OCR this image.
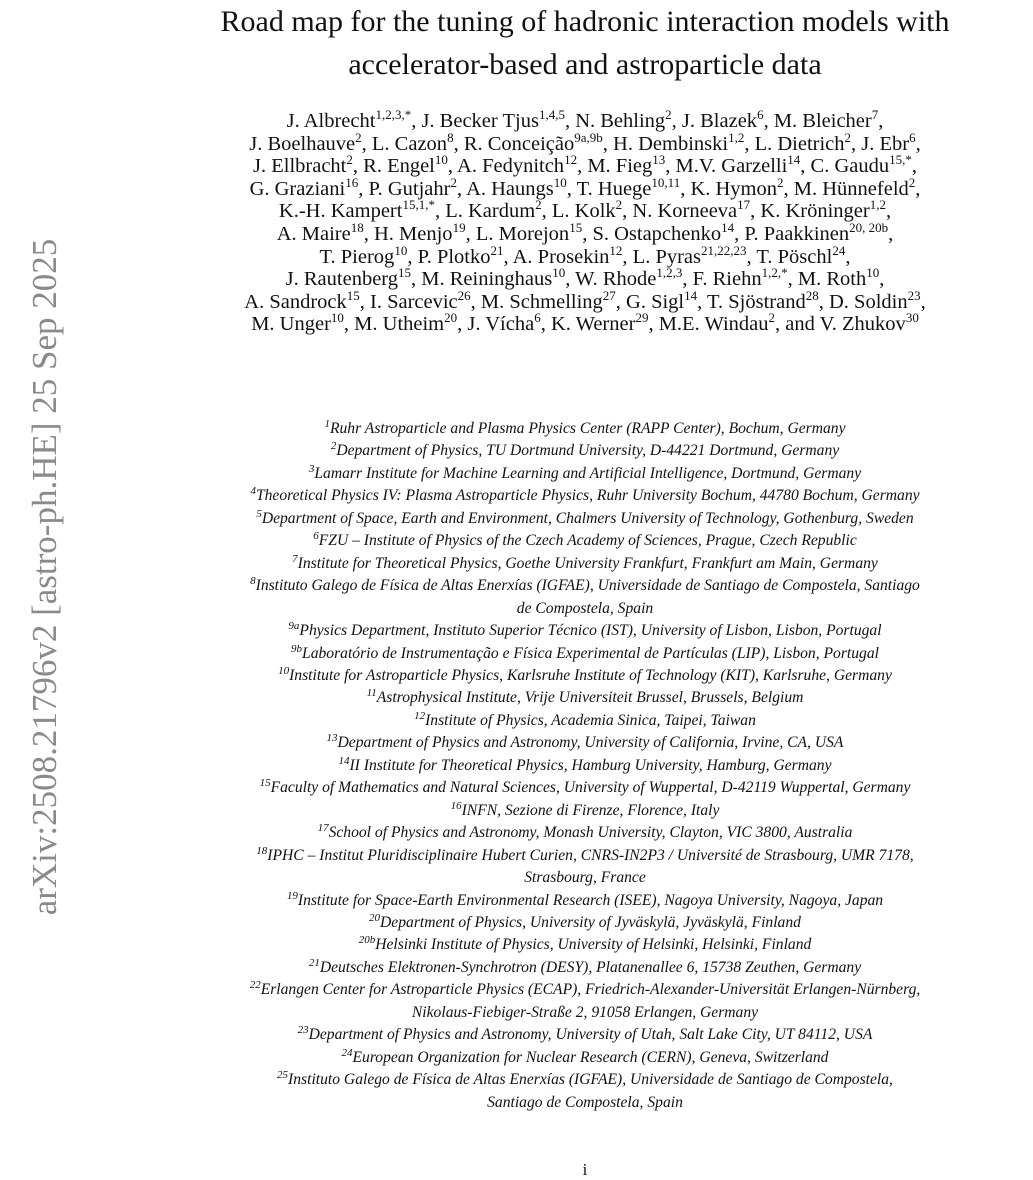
arXiv:2508.21796v2 [astro-ph.HE] 25 Sep 2025
Road map for the tuning of hadronic interaction models with
accelerator-based and astroparticle data
J. Albrecht$^{1,2,3,*}$, J. Becker Tjus$^{1,4,5}$, N. Behling$^2$, J. Blazek$^6$, M. Bleicher$^7$,
J. Boelhauve$^2$, L. Cazon$^8$, R. Conceição$^{9a,9b}$, H. Dembinski$^{1,2}$, L. Dietrich$^2$, J. Ebr$^6$,
J. Ellbracht$^2$, R. Engel$^{10}$, A. Fedynitch$^{12}$, M. Fieg$^{13}$, M.V. Garzelli$^{14}$, C. Gaudu$^{15,*}$,
G. Graziani$^{16}$, P. Gutjahr$^2$, A. Haungs$^{10}$, T. Huege$^{10,11}$, K. Hymon$^2$, M. Hünnefeld$^2$,
K.-H. Kampert$^{15,1,*}$, L. Kardum$^2$, L. Kolk$^2$, N. Korneeva$^{17}$, K. Kröninger$^{1,2}$,
A. Maire$^{18}$, H. Menjo$^{19}$, L. Morejon$^{15}$, S. Ostapchenko$^{14}$, P. Paakkinen$^{20, 20b}$,
T. Pierog$^{10}$, P. Plotko$^{21}$, A. Prosekin$^{12}$, L. Pyras$^{21,22,23}$, T. Pöschl$^{24}$,
J. Rautenberg$^{15}$, M. Reininghaus$^{10}$, W. Rhode$^{1,2,3}$, F. Riehn$^{1,2,*}$, M. Roth$^{10}$,
A. Sandrock$^{15}$, I. Sarcevic$^{26}$, M. Schmelling$^{27}$, G. Sigl$^{14}$, T. Sjöstrand$^{28}$, D. Soldin$^{23}$,
M. Unger$^{10}$, M. Utheim$^{20}$, J. Vícha$^6$, K. Werner$^{29}$, M.E. Windau$^2$, and V. Zhukov$^{30}$
$^1$Ruhr Astroparticle and Plasma Physics Center (RAPP Center), Bochum, Germany
$^2$Department of Physics, TU Dortmund University, D-44221 Dortmund, Germany
$^3$Lamarr Institute for Machine Learning and Artificial Intelligence, Dortmund, Germany
$^4$Theoretical Physics IV: Plasma Astroparticle Physics, Ruhr University Bochum, 44780 Bochum, Germany
$^5$Department of Space, Earth and Environment, Chalmers University of Technology, Gothenburg, Sweden
$^6$FZU – Institute of Physics of the Czech Academy of Sciences, Prague, Czech Republic
$^7$Institute for Theoretical Physics, Goethe University Frankfurt, Frankfurt am Main, Germany
$^8$Instituto Galego de Física de Altas Enerxías (IGFAE), Universidade de Santiago de Compostela, Santiago
de Compostela, Spain
$^{9a}$Physics Department, Instituto Superior Técnico (IST), University of Lisbon, Lisbon, Portugal
$^{9b}$Laboratório de Instrumentação e Física Experimental de Partículas (LIP), Lisbon, Portugal
$^{10}$Institute for Astroparticle Physics, Karlsruhe Institute of Technology (KIT), Karlsruhe, Germany
$^{11}$Astrophysical Institute, Vrije Universiteit Brussel, Brussels, Belgium
$^{12}$Institute of Physics, Academia Sinica, Taipei, Taiwan
$^{13}$Department of Physics and Astronomy, University of California, Irvine, CA, USA
$^{14}$II Institute for Theoretical Physics, Hamburg University, Hamburg, Germany
$^{15}$Faculty of Mathematics and Natural Sciences, University of Wuppertal, D-42119 Wuppertal, Germany
$^{16}$INFN, Sezione di Firenze, Florence, Italy
$^{17}$School of Physics and Astronomy, Monash University, Clayton, VIC 3800, Australia
$^{18}$IPHC – Institut Pluridisciplinaire Hubert Curien, CNRS-IN2P3 / Université de Strasbourg, UMR 7178,
Strasbourg, France
$^{19}$Institute for Space-Earth Environmental Research (ISEE), Nagoya University, Nagoya, Japan
$^{20}$Department of Physics, University of Jyväskylä, Jyväskylä, Finland
$^{20b}$Helsinki Institute of Physics, University of Helsinki, Helsinki, Finland
$^{21}$Deutsches Elektronen-Synchrotron (DESY), Platanenallee 6, 15738 Zeuthen, Germany
$^{22}$Erlangen Center for Astroparticle Physics (ECAP), Friedrich-Alexander-Universität Erlangen-Nürnberg,
Nikolaus-Fiebiger-Straße 2, 91058 Erlangen, Germany
$^{23}$Department of Physics and Astronomy, University of Utah, Salt Lake City, UT 84112, USA
$^{24}$European Organization for Nuclear Research (CERN), Geneva, Switzerland
$^{25}$Instituto Galego de Física de Altas Enerxías (IGFAE), Universidade de Santiago de Compostela,
Santiago de Compostela, Spain
i
